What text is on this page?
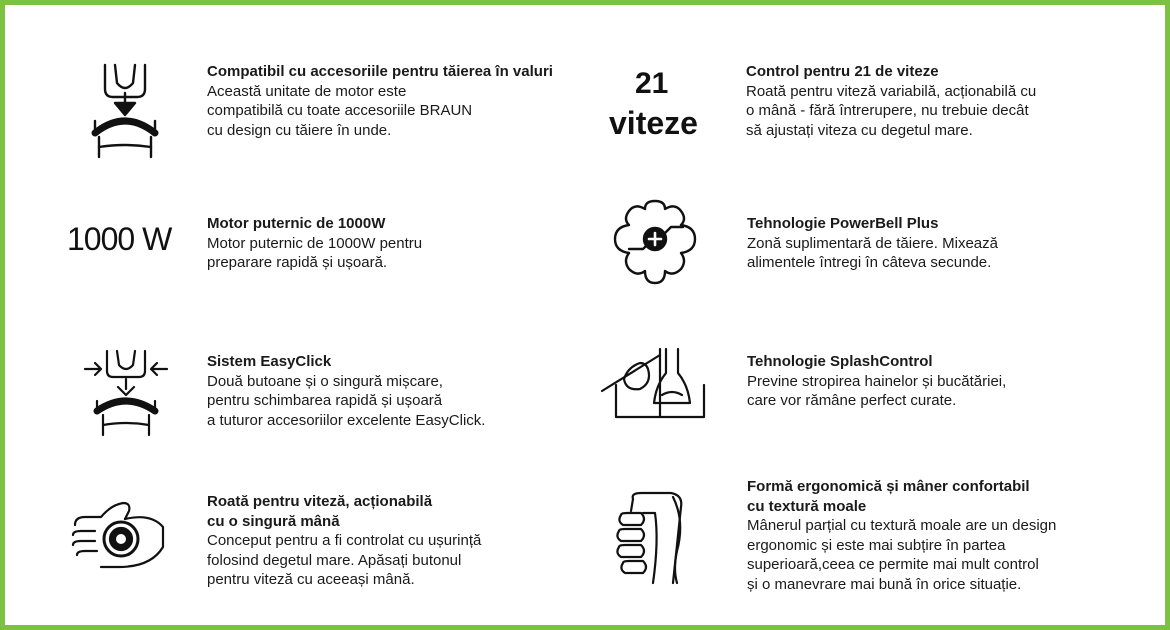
1000 W
21
viteze
Compatibil cu accesoriile pentru tăierea în valuri
Această unitate de motor este
compatibilă cu toate accesoriile BRAUN
cu design cu tăiere în unde.
Motor puternic de 1000W
Motor puternic de 1000W pentru
preparare rapidă și ușoară.
Sistem EasyClick
Două butoane și o singură mișcare,
pentru schimbarea rapidă și ușoară
a tuturor accesoriilor excelente EasyClick.
Roată pentru viteză, acționabilă
cu o singură mână
Conceput pentru a fi controlat cu ușurință
folosind degetul mare. Apăsați butonul
pentru viteză cu aceeași mână.
Control pentru 21 de viteze
Roată pentru viteză variabilă, acționabilă cu
o mână - fără întrerupere, nu trebuie decât
să ajustați viteza cu degetul mare.
Tehnologie PowerBell Plus
Zonă suplimentară de tăiere. Mixează
alimentele întregi în câteva secunde.
Tehnologie SplashControl
Previne stropirea hainelor și bucătăriei,
care vor rămâne perfect curate.
Formă ergonomică și mâner confortabil
cu textură moale
Mânerul parțial cu textură moale are un design
ergonomic și este mai subțire în partea
superioară,ceea ce permite mai mult control
și o manevrare mai bună în orice situație.
